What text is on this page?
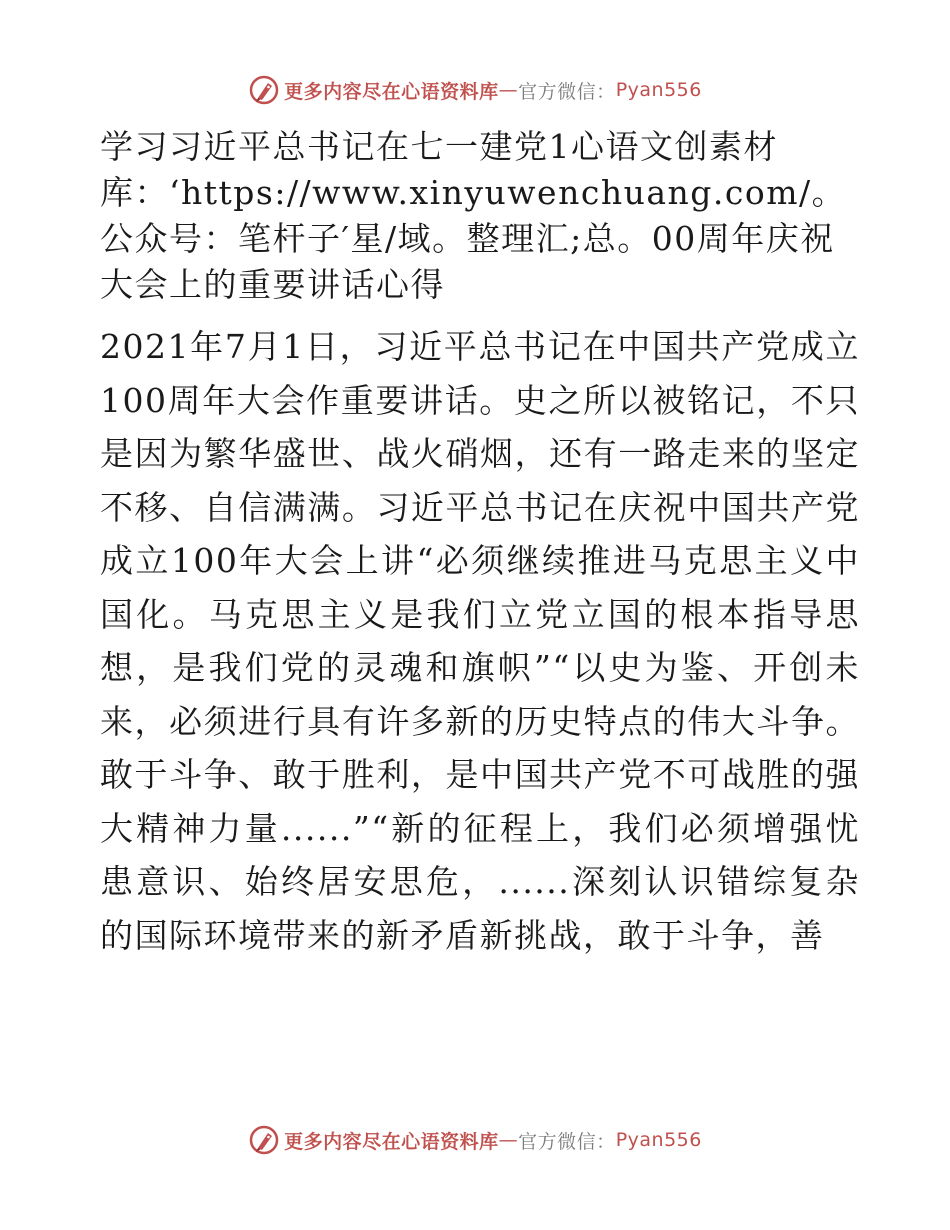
更多内容尽在心语资料库 — 官方微信： Pyan556

学习习近平总书记在七一建党1心语文创素材库：‘https://www.xinyuwenchuang.com/。公众号：笔杆子′星/域。整理汇;总。00周年庆祝大会上的重要讲话心得

2021年7月1日，习近平总书记在中国共产党成立100周年大会作重要讲话。史之所以被铭记，不只是因为繁华盛世、战火硝烟，还有一路走来的坚定不移、自信满满。习近平总书记在庆祝中国共产党成立100年大会上讲“必须继续推进马克思主义中国化。马克思主义是我们立党立国的根本指导思想，是我们党的灵魂和旗帜”“以史为鉴、开创未来，必须进行具有许多新的历史特点的伟大斗争。敢于斗争、敢于胜利，是中国共产党不可战胜的强大精神力量......”“新的征程上，我们必须增强忧患意识、始终居安思危，......深刻认识错综复杂的国际环境带来的新矛盾新挑战，敢于斗争，善

更多内容尽在心语资料库 — 官方微信： Pyan556
